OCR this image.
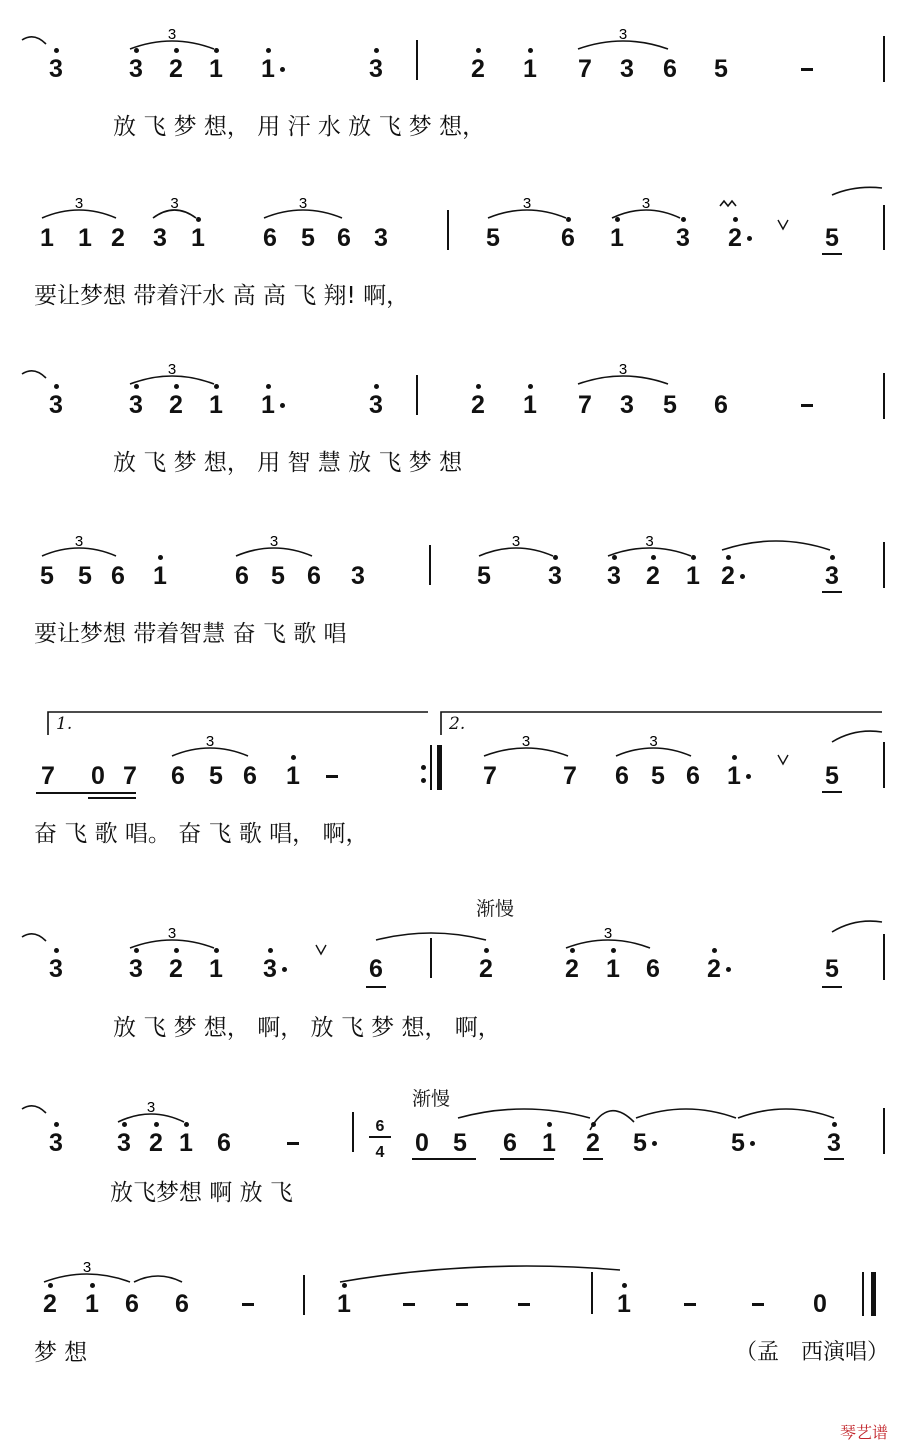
3	3 2 1 1	3	2 1 7 3 6 5
放 飞 梦 想， 用 汗 水 放 飞 梦 想，
1 1 2 3 1 6 5 6 3	5 6 1 3 2	5
要让梦想 带着汗水 高 高 飞 翔! 啊，
3	3 2 1 1	3	2 1 7 3 5 6
放 飞 梦 想， 用 智 慧 放 飞 梦 想
5 5 6 1	6 5 6 3	5 3 3 2 1 2	3
要让梦想 带着智慧 奋 飞 歌 唱
1.	2.
7 0 7 6 5 6 1	7	7 6 5 6 1	5
奋 飞 歌 唱。 奋 飞 歌 唱， 啊，
渐慢
3	3 2 1 3	6	2	2 1 6 2	5
放 飞 梦 想， 啊， 放 飞 梦 想， 啊，
渐慢
6
4
3 3 2 1 6	0 5 6 1 2 5	5	3
放飞梦想 啊 放 飞
2 1 6 6	1	1	0
梦 想	（孟　西演唱）
琴艺谱
3	3
3	3	3	3	3
3	3
3	3	3	3
3	3	3
3	3
3
3
